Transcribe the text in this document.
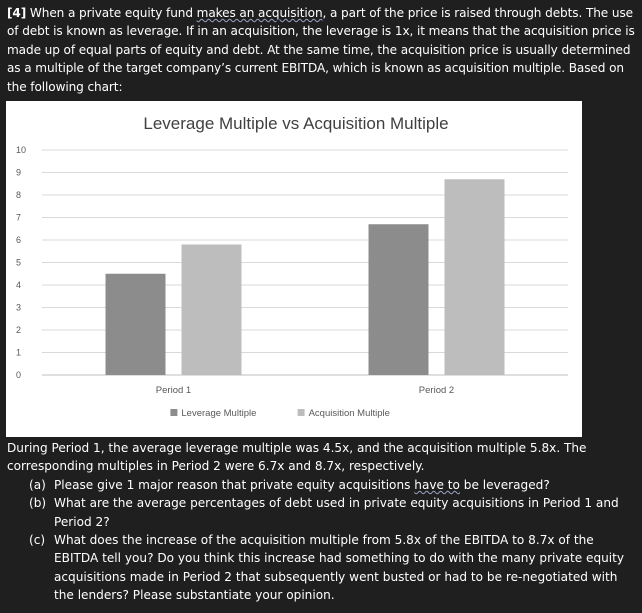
[4] When a private equity fund makes an acquisition, a part of the price is raised through debts. The use of debt is known as leverage. If in an acquisition, the leverage is 1x, it means that the acquisition price is made up of equal parts of equity and debt. At the same time, the acquisition price is usually determined as a multiple of the target company’s current EBITDA, which is known as acquisition multiple. Based on the following chart:
Leverage Multiple vs Acquisition Multiple
0
1
2
3
4
5
6
7
8
9
10
Period 1	Period 2
Leverage Multiple	Acquisition Multiple

During Period 1, the average leverage multiple was 4.5x, and the acquisition multiple 5.8x. The corresponding multiples in Period 2 were 6.7x and 8.7x, respectively.

(a) Please give 1 major reason that private equity acquisitions have to be leveraged?

(b) What are the average percentages of debt used in private equity acquisitions in Period 1 and Period 2?

(c) What does the increase of the acquisition multiple from 5.8x of the EBITDA to 8.7x of the EBITDA tell you? Do you think this increase had something to do with the many private equity acquisitions made in Period 2 that subsequently went busted or had to be re-negotiated with the lenders? Please substantiate your opinion.
